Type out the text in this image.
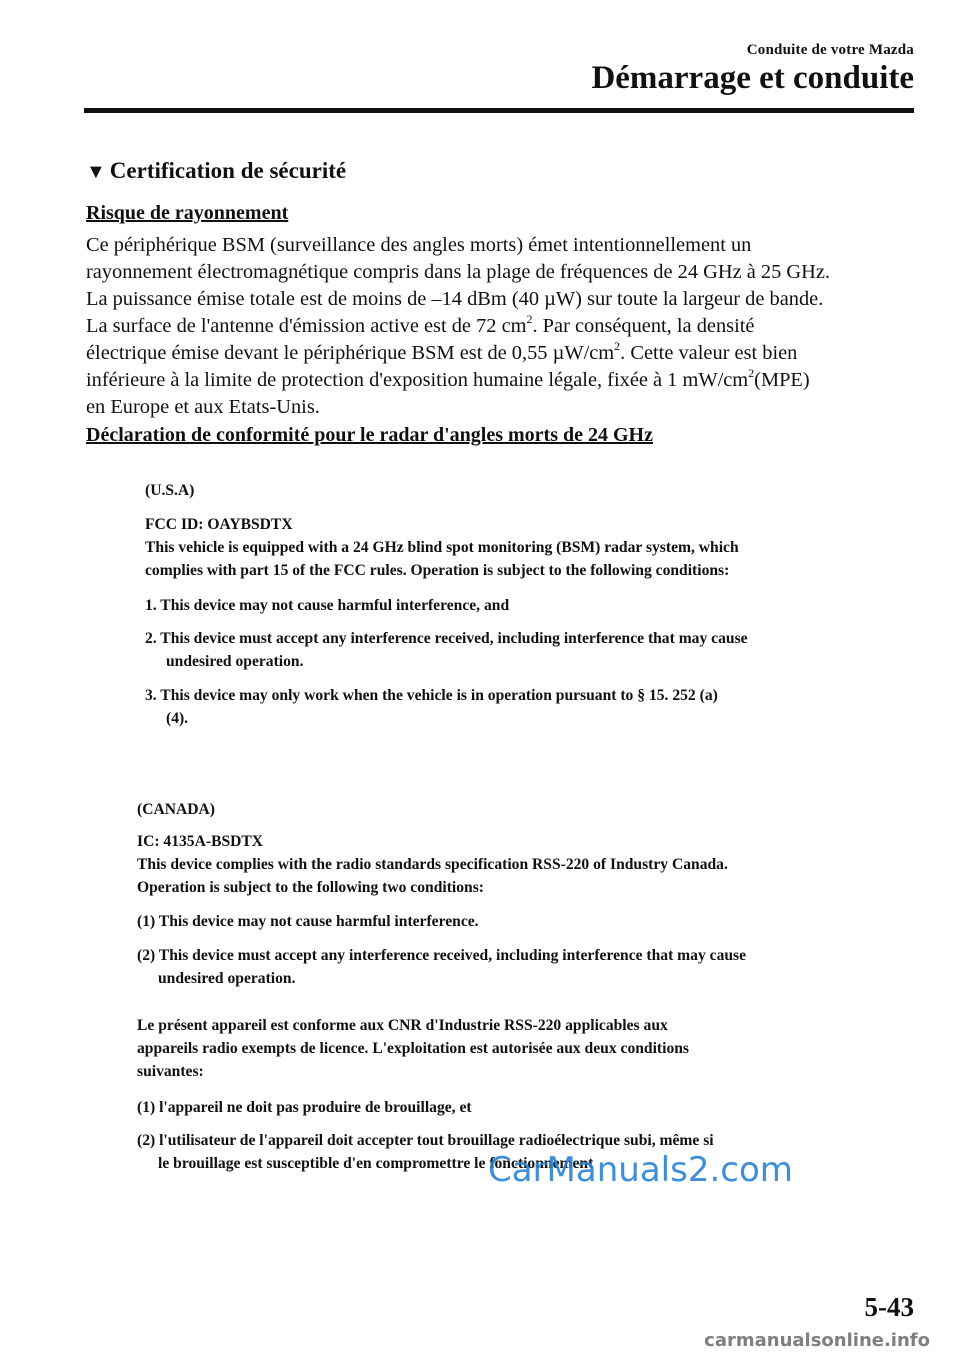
Conduite de votre Mazda
Démarrage et conduite
▼ Certification de sécurité
Risque de rayonnement

Ce périphérique BSM (surveillance des angles morts) émet intentionnellement un

rayonnement électromagnétique compris dans la plage de fréquences de 24 GHz à 25 GHz.

La puissance émise totale est de moins de –14 dBm (40 µW) sur toute la largeur de bande.

La surface de l'antenne d'émission active est de 72 $cm^2$. Par conséquent, la densité

électrique émise devant le périphérique BSM est de 0,55 $\mu W/cm^2$. Cette valeur est bien

inférieure à la limite de protection d'exposition humaine légale, fixée à 1 $mW/cm^2(MPE)$

en Europe et aux Etats-Unis.

Déclaration de conformité pour le radar d'angles morts de 24 GHz
(U.S.A)

FCC ID: OAYBSDTX

This vehicle is equipped with a 24 GHz blind spot monitoring (BSM) radar system, which

complies with part 15 of the FCC rules. Operation is subject to the following conditions:

1. This device may not cause harmful interference, and

2. This device must accept any interference received, including interference that may cause

undesired operation.

3. This device may only work when the vehicle is in operation pursuant to § 15. 252 (a)

(4).

(CANADA)

IC: 4135A-BSDTX

This device complies with the radio standards specification RSS-220 of Industry Canada.

Operation is subject to the following two conditions:

(1) This device may not cause harmful interference.

(2) This device must accept any interference received, including interference that may cause

undesired operation.

Le présent appareil est conforme aux CNR d'Industrie RSS-220 applicables aux

appareils radio exempts de licence. L'exploitation est autorisée aux deux conditions

suivantes:

(1) l'appareil ne doit pas produire de brouillage, et

(2) l'utilisateur de l'appareil doit accepter tout brouillage radioélectrique subi, même si

le brouillage est susceptible d'en compromettre le fonctionnement

CarManuals2.com
5-43
carmanualsonline.info
